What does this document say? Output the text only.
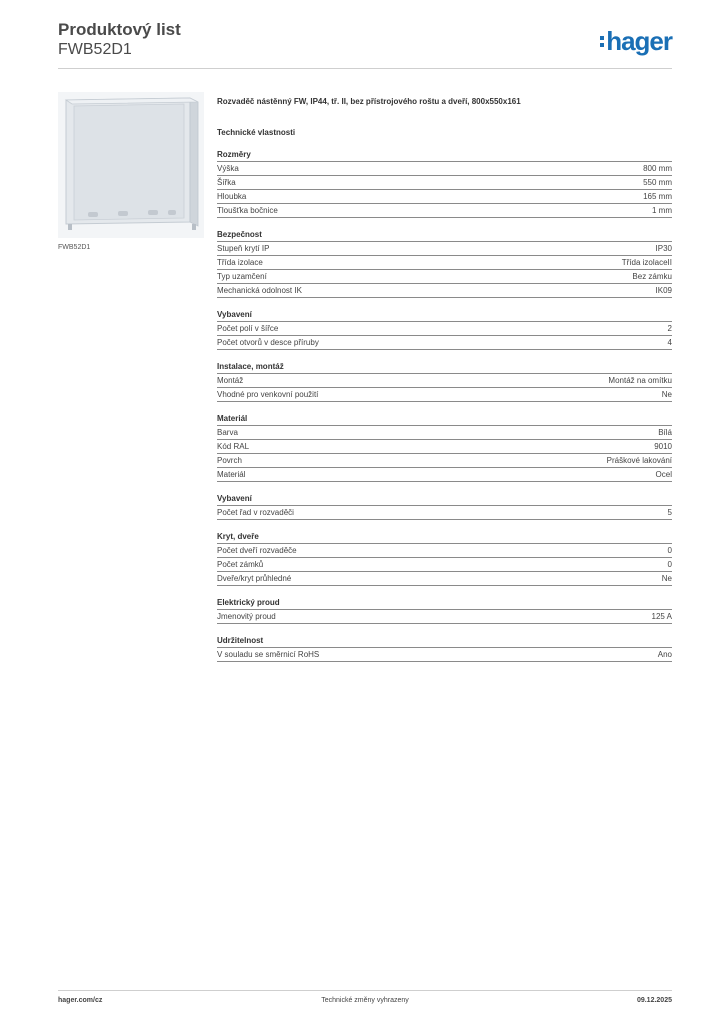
Produktový list
FWB52D1	hager
FWB52D1
Rozvaděč nástěnný FW, IP44, tř. II, bez přístrojového roštu a dveří, 800x550x161
Technické vlastnosti
Rozměry
Výška	800 mm
Šířka	550 mm
Hloubka	165 mm
Tloušťka bočnice	1 mm
Bezpečnost
Stupeň krytí IP	IP30
Třída izolace	Třída izolaceII
Typ uzamčení	Bez zámku
Mechanická odolnost IK	IK09
Vybavení
Počet polí v šířce	2
Počet otvorů v desce příruby	4
Instalace, montáž
Montáž	Montáž na omítku
Vhodné pro venkovní použití	Ne
Materiál
Barva	Bílá
Kód RAL	9010
Povrch	Práškové lakování
Materiál	Ocel
Vybavení
Počet řad v rozvaděči	5
Kryt, dveře
Počet dveří rozvaděče	0
Počet zámků	0
Dveře/kryt průhledné	Ne
Elektrický proud
Jmenovitý proud	125 A
Udržitelnost
V souladu se směrnicí RoHS	Ano
hager.com/cz	Technické změny vyhrazeny	09.12.2025
